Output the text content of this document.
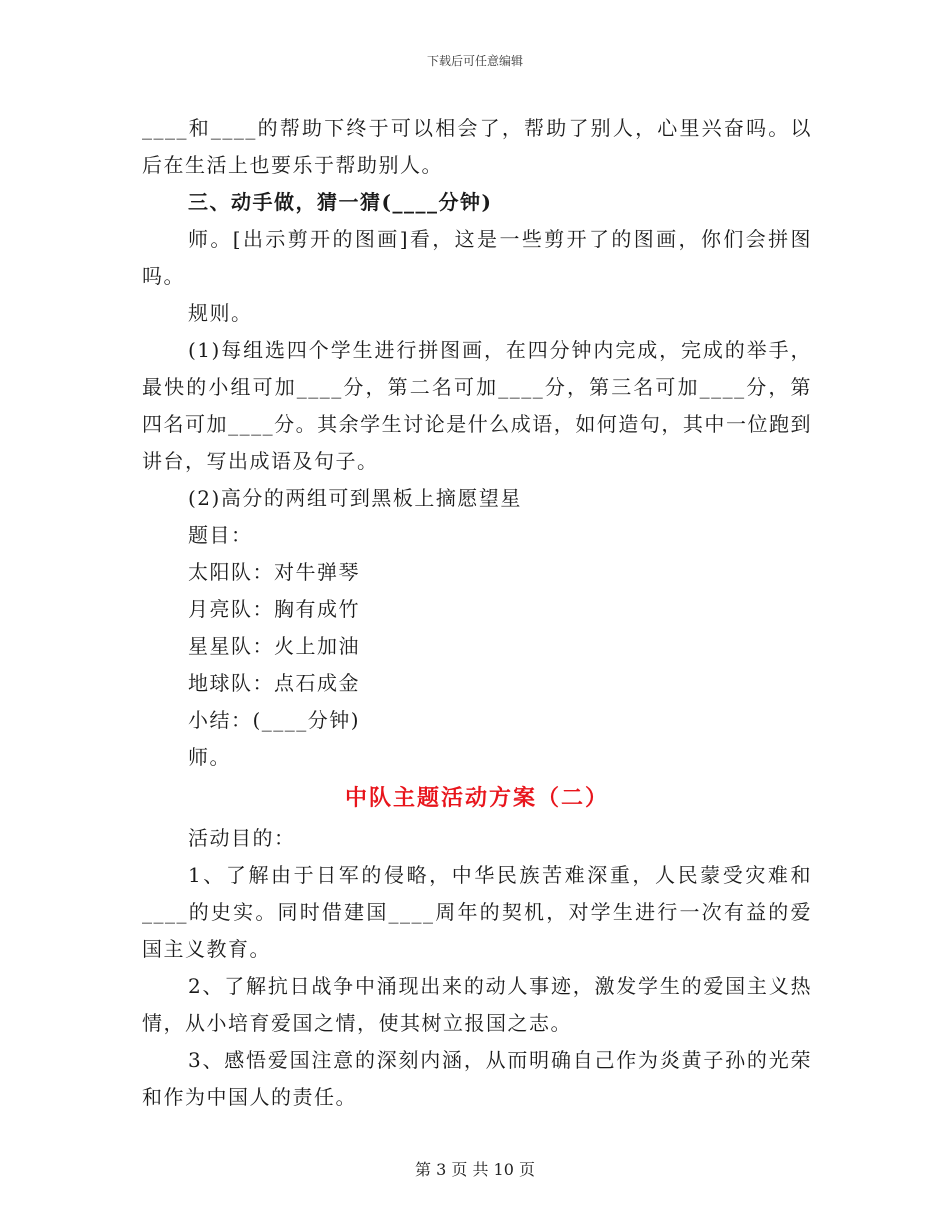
下载后可任意编辑

____和____的帮助下终于可以相会了，帮助了别人，心里兴奋吗。以后在生活上也要乐于帮助别人。

三、动手做，猜一猜(____分钟)

师。[出示剪开的图画]看，这是一些剪开了的图画，你们会拼图吗。

规则。

(1)每组选四个学生进行拼图画，在四分钟内完成，完成的举手，最快的小组可加____分，第二名可加____分，第三名可加____分，第四名可加____分。其余学生讨论是什么成语，如何造句，其中一位跑到讲台，写出成语及句子。

(2)高分的两组可到黑板上摘愿望星

题目：

太阳队：对牛弹琴

月亮队：胸有成竹

星星队：火上加油

地球队：点石成金

小结：(____分钟)

师。

中队主题活动方案（二）

活动目的：

1、了解由于日军的侵略，中华民族苦难深重，人民蒙受灾难和____的史实。同时借建国____周年的契机，对学生进行一次有益的爱国主义教育。

2、了解抗日战争中涌现出来的动人事迹，激发学生的爱国主义热情，从小培育爱国之情，使其树立报国之志。

3、感悟爱国注意的深刻内涵，从而明确自己作为炎黄子孙的光荣和作为中国人的责任。

第 3 页 共 10 页
